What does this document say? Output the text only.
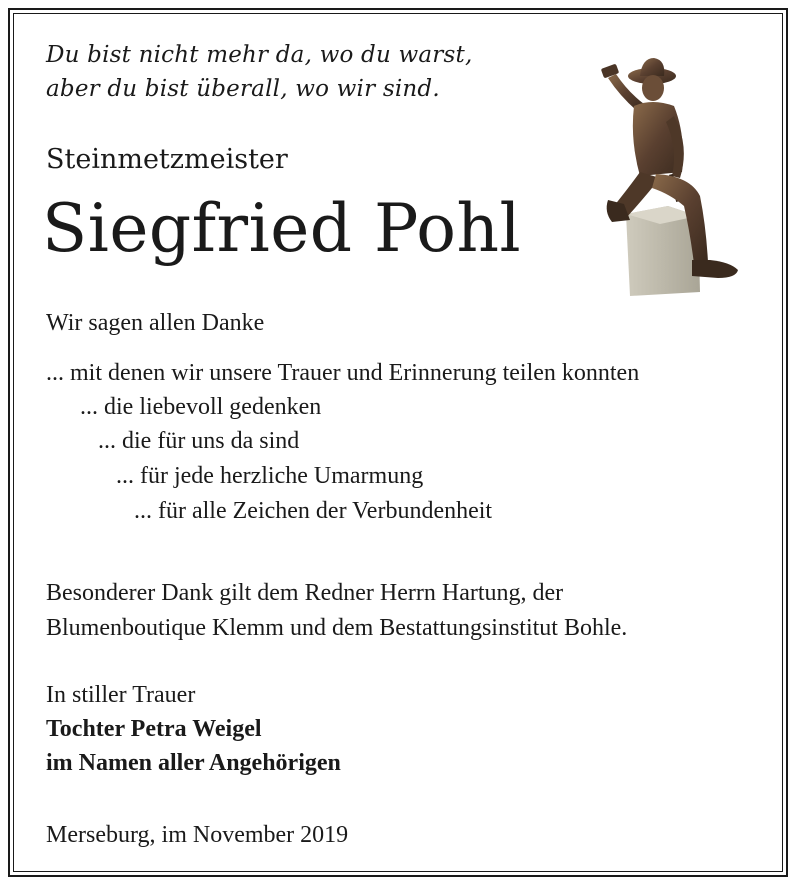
Du bist nicht mehr da, wo du warst,
aber du bist überall, wo wir sind.
Steinmetzmeister
Siegfried Pohl
Wir sagen allen Danke
... mit denen wir unsere Trauer und Erinnerung teilen konnten
... die liebevoll gedenken
... die für uns da sind
... für jede herzliche Umarmung
... für alle Zeichen der Verbundenheit
Besonderer Dank gilt dem Redner Herrn Hartung, der
Blumenboutique Klemm und dem Bestattungsinstitut Bohle.
In stiller Trauer
Tochter Petra Weigel
im Namen aller Angehörigen
Merseburg, im November 2019
